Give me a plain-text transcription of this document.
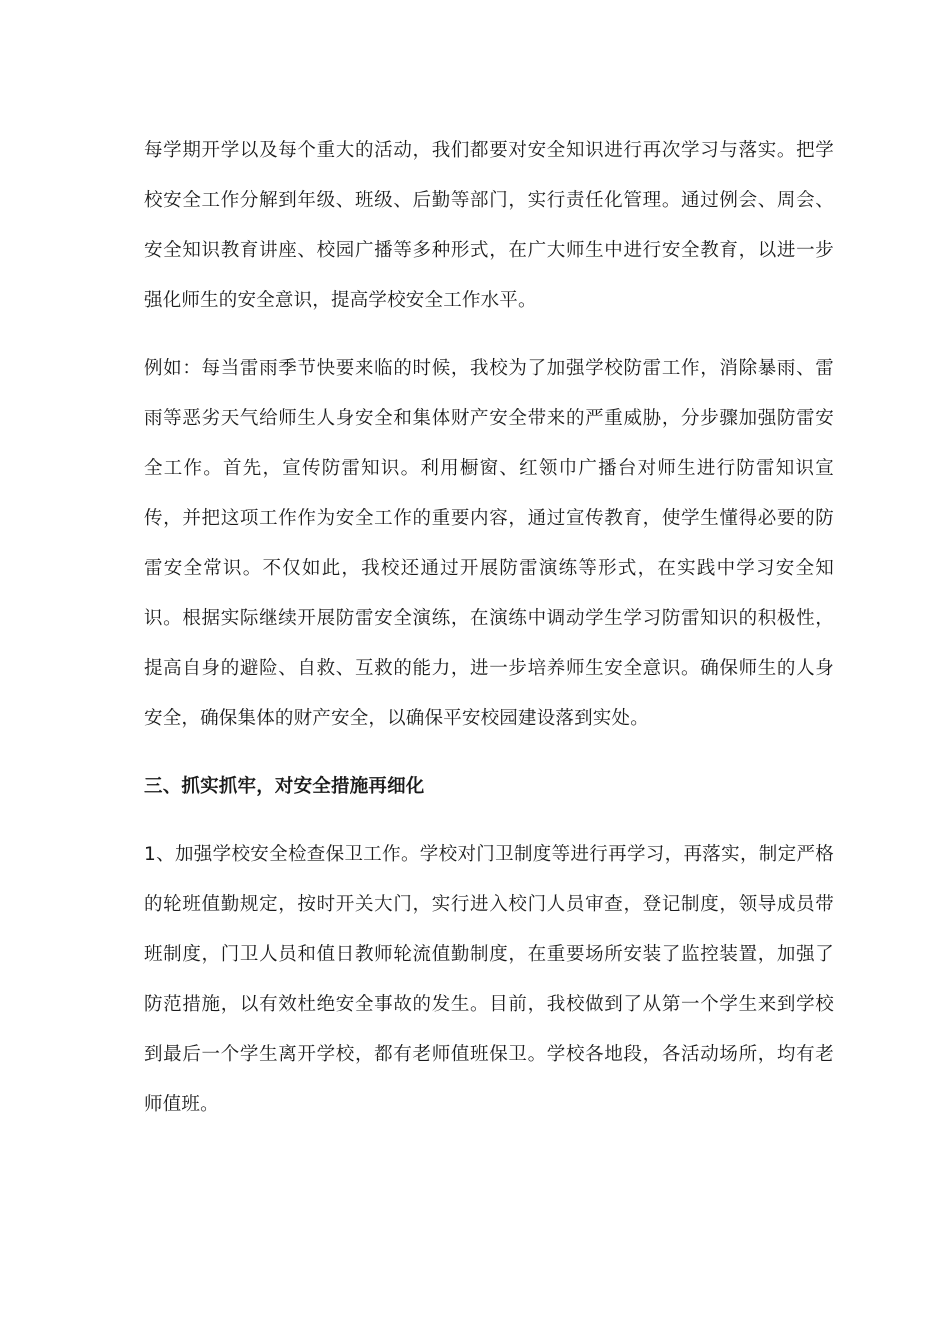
每学期开学以及每个重大的活动，我们都要对安全知识进行再次学习与落实。把学校安全工作分解到年级、班级、后勤等部门，实行责任化管理。通过例会、周会、安全知识教育讲座、校园广播等多种形式，在广大师生中进行安全教育，以进一步强化师生的安全意识，提高学校安全工作水平。

例如：每当雷雨季节快要来临的时候，我校为了加强学校防雷工作，消除暴雨、雷雨等恶劣天气给师生人身安全和集体财产安全带来的严重威胁，分步骤加强防雷安全工作。首先，宣传防雷知识。利用橱窗、红领巾广播台对师生进行防雷知识宣传，并把这项工作作为安全工作的重要内容，通过宣传教育，使学生懂得必要的防雷安全常识。不仅如此，我校还通过开展防雷演练等形式，在实践中学习安全知识。根据实际继续开展防雷安全演练，在演练中调动学生学习防雷知识的积极性，提高自身的避险、自救、互救的能力，进一步培养师生安全意识。确保师生的人身安全，确保集体的财产安全，以确保平安校园建设落到实处。

三、抓实抓牢，对安全措施再细化

1、加强学校安全检查保卫工作。学校对门卫制度等进行再学习，再落实，制定严格的轮班值勤规定，按时开关大门，实行进入校门人员审查，登记制度，领导成员带班制度，门卫人员和值日教师轮流值勤制度，在重要场所安装了监控装置，加强了防范措施，以有效杜绝安全事故的发生。目前，我校做到了从第一个学生来到学校到最后一个学生离开学校，都有老师值班保卫。学校各地段，各活动场所，均有老师值班。
